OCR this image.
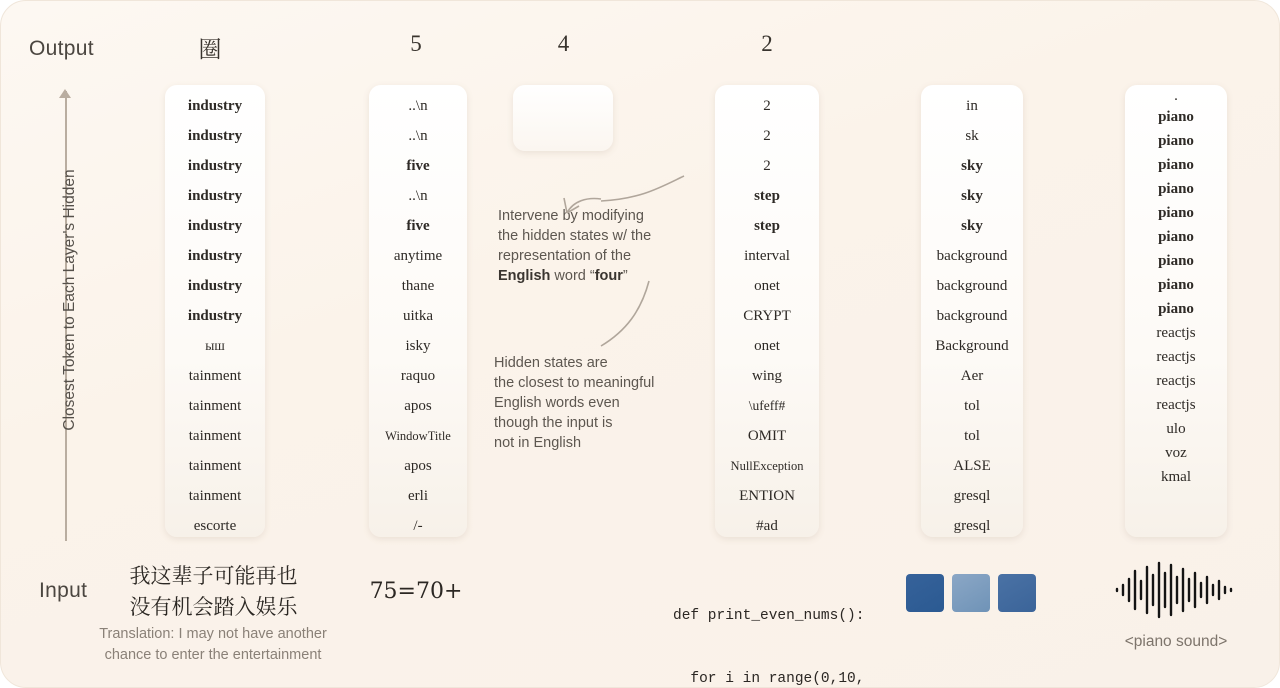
Output
Input
Closest Token to Each Layer's Hidden
圈
industry
industry
industry
industry
industry
industry
industry
industry
ыш
tainment
tainment
tainment
tainment
tainment
escorte
5
..\n
..\n
five
..\n
five
anytime
thane
uitka
isky
raquo
apos
WindowTitle
apos
erli
/-
4	2
2
2
2
step
step
interval
onet
CRYPT
onet
wing
\ufeff#
OMIT
NullException
ENTION
#ad
in
sk
sky
sky
sky
background
background
background
Background
Aer
tol
tol
ALSE
gresql
gresql
.
piano
piano
piano
piano
piano
piano
piano
piano
piano
reactjs
reactjs
reactjs
reactjs
ulo
voz
kmal
Intervene by modifying
the hidden states w/ the
representation of the
English word “four”
Hidden states are
the closest to meaningful
English words even
though the input is
not in English
我这辈子可能再也
没有机会踏入娱乐
Translation: I may not have another
chance to enter the entertainment
75=70+

def print_even_nums():

for i in range(0,10,

<piano sound>
